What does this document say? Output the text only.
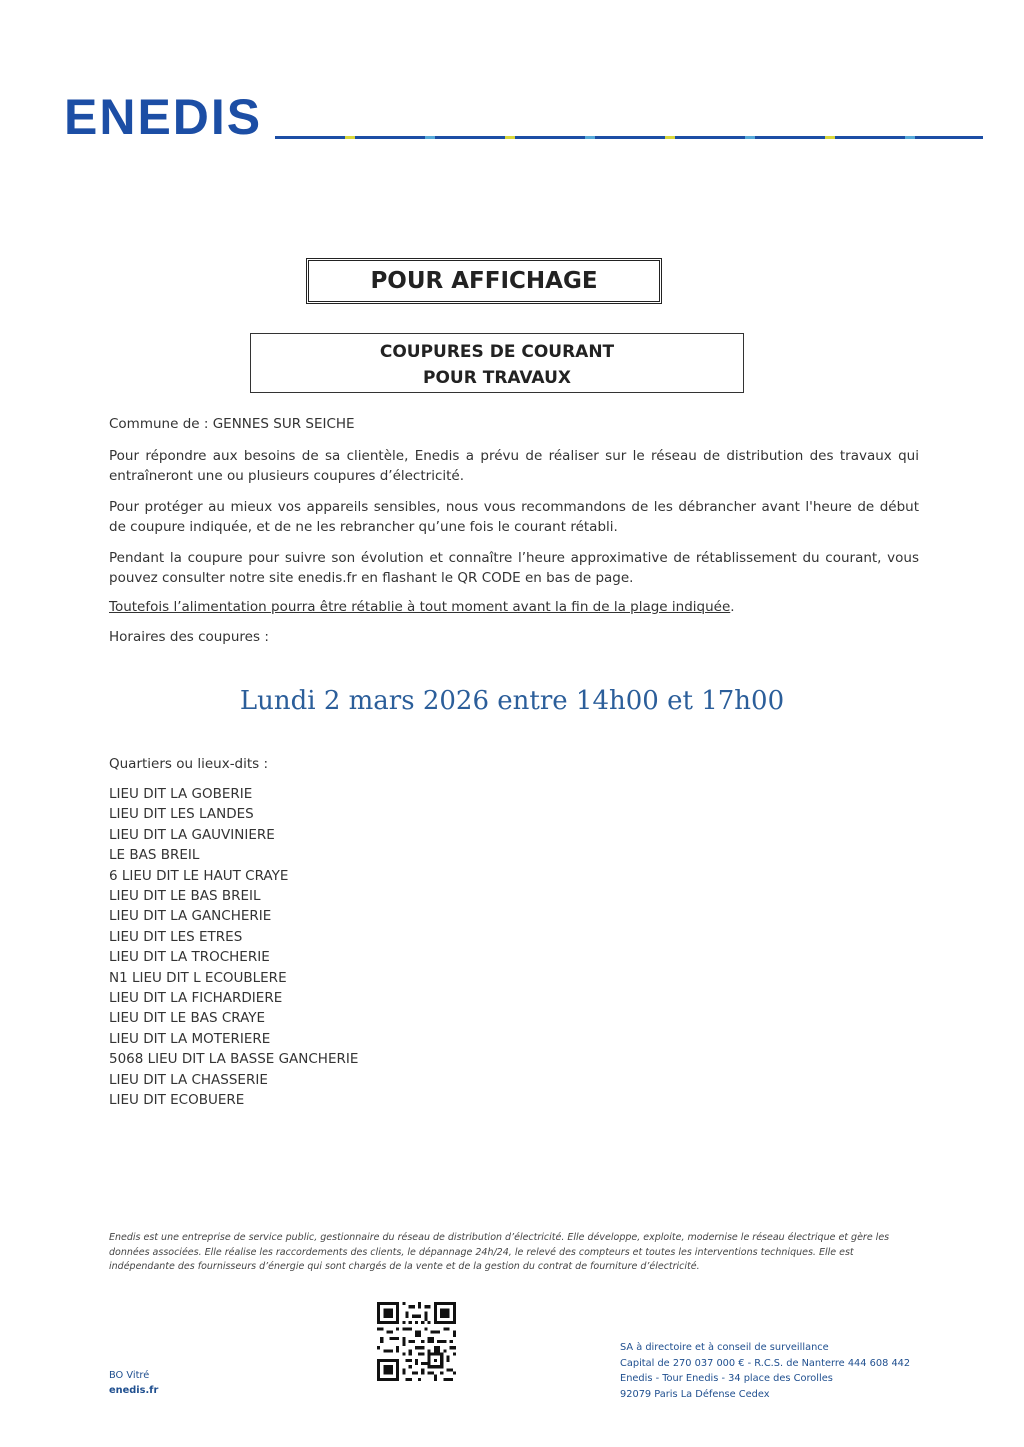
ENEDIS
POUR AFFICHAGE
COUPURES DE COURANT
POUR TRAVAUX

Commune de : GENNES SUR SEICHE

Pour répondre aux besoins de sa clientèle, Enedis a prévu de réaliser sur le réseau de distribution des travaux qui entraîneront une ou plusieurs coupures d’électricité.

Pour protéger au mieux vos appareils sensibles, nous vous recommandons de les débrancher avant l'heure de début de coupure indiquée, et de ne les rebrancher qu’une fois le courant rétabli.

Pendant la coupure pour suivre son évolution et connaître l’heure approximative de rétablissement du courant, vous pouvez consulter notre site enedis.fr en flashant le QR CODE en bas de page.

Toutefois l’alimentation pourra être rétablie à tout moment avant la fin de la plage indiquée.

Horaires des coupures :

Lundi 2 mars 2026 entre 14h00 et 17h00

Quartiers ou lieux-dits :

LIEU DIT LA GOBERIE
LIEU DIT LES LANDES
LIEU DIT LA GAUVINIERE
LE BAS BREIL
6 LIEU DIT LE HAUT CRAYE
LIEU DIT LE BAS BREIL
LIEU DIT LA GANCHERIE
LIEU DIT LES ETRES
LIEU DIT LA TROCHERIE
N1 LIEU DIT L ECOUBLERE
LIEU DIT LA FICHARDIERE
LIEU DIT LE BAS CRAYE
LIEU DIT LA MOTERIERE
5068 LIEU DIT LA BASSE GANCHERIE
LIEU DIT LA CHASSERIE
LIEU DIT ECOBUERE

Enedis est une entreprise de service public, gestionnaire du réseau de distribution d’électricité. Elle développe, exploite, modernise le réseau électrique et gère les données associées. Elle réalise les raccordements des clients, le dépannage 24h/24, le relevé des compteurs et toutes les interventions techniques. Elle est indépendante des fournisseurs d’énergie qui sont chargés de la vente et de la gestion du contrat de fourniture d’électricité.

BO Vitré
enedis.fr
SA à directoire et à conseil de surveillance
Capital de 270 037 000 € - R.C.S. de Nanterre 444 608 442
Enedis - Tour Enedis - 34 place des Corolles
92079 Paris La Défense Cedex
